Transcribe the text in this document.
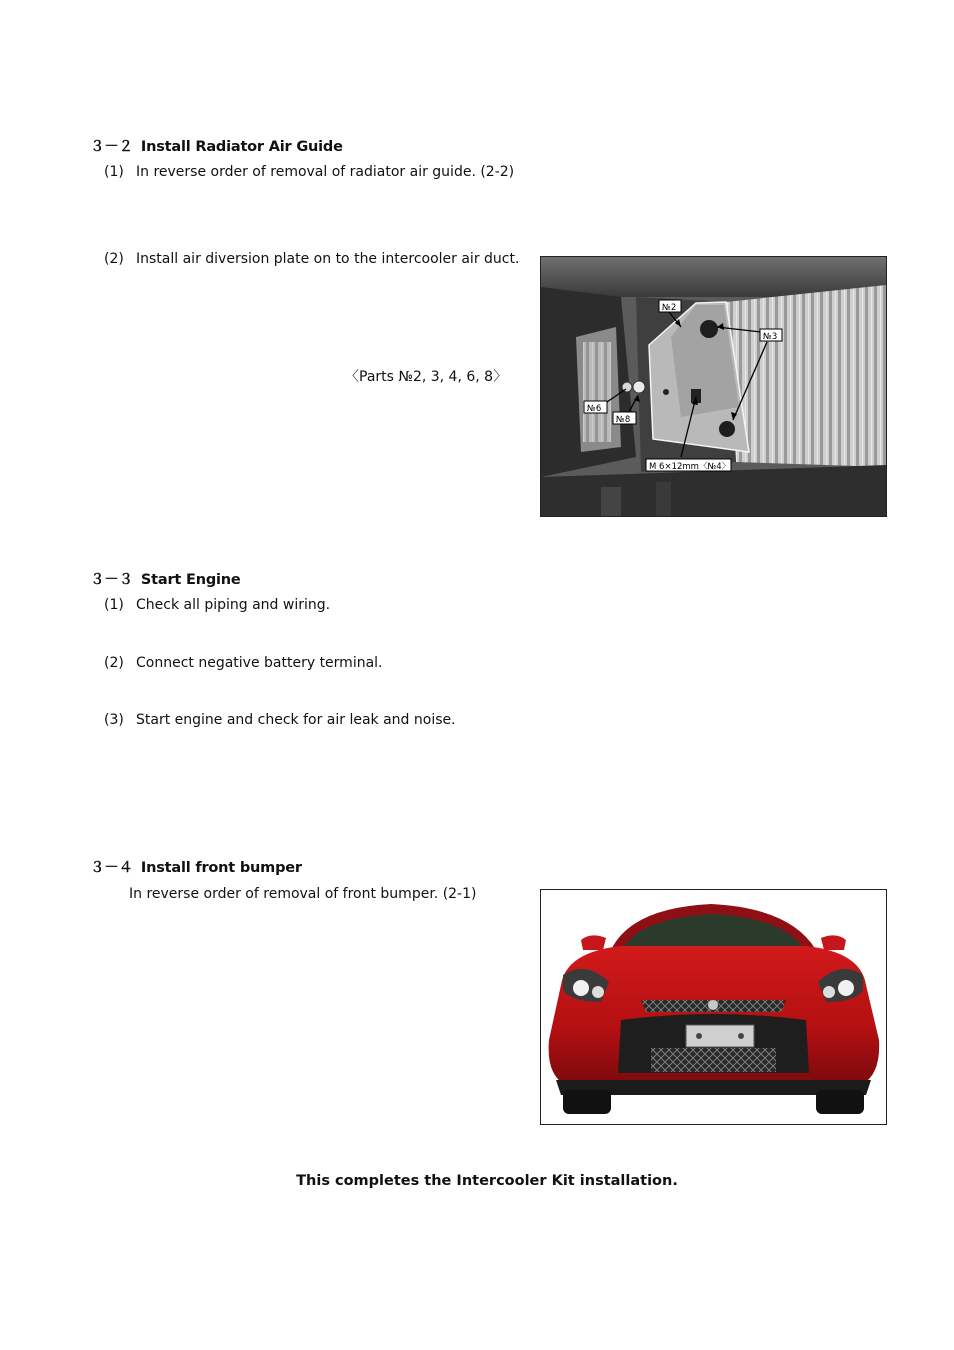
３－２ Install Radiator Air Guide
(1) In reverse order of removal of radiator air guide. (2-2)
(2) Install air diversion plate on to the intercooler air duct.
〈Parts №2, 3, 4, 6, 8〉
№2
№3
№6
№8
M 6×12mm〈№4〉
３－３ Start Engine
(1) Check all piping and wiring.
(2) Connect negative battery terminal.
(3) Start engine and check for air leak and noise.
３－４ Install front bumper
In reverse order of removal of front bumper. (2-1)
This completes the Intercooler Kit installation.
